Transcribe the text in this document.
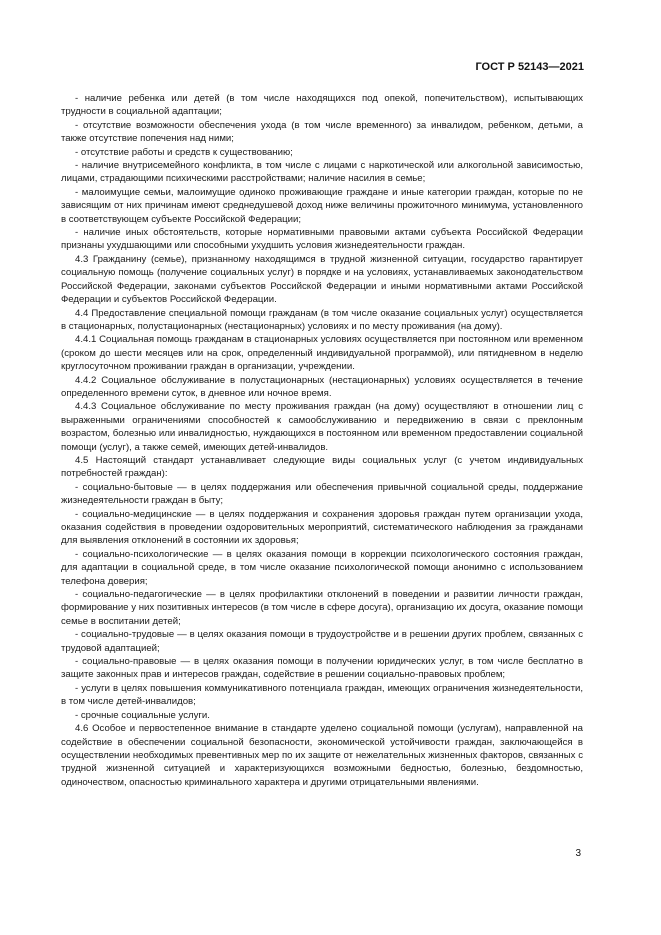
ГОСТ Р 52143—2021

- наличие ребенка или детей (в том числе находящихся под опекой, попечительством), испытывающих трудности в социальной адаптации;

- отсутствие возможности обеспечения ухода (в том числе временного) за инвалидом, ребенком, детьми, а также отсутствие попечения над ними;

- отсутствие работы и средств к существованию;

- наличие внутрисемейного конфликта, в том числе с лицами с наркотической или алкогольной зависимостью, лицами, страдающими психическими расстройствами; наличие насилия в семье;

- малоимущие семьи, малоимущие одиноко проживающие граждане и иные категории граждан, которые по не зависящим от них причинам имеют среднедушевой доход ниже величины прожиточного минимума, установленного в соответствующем субъекте Российской Федерации;

- наличие иных обстоятельств, которые нормативными правовыми актами субъекта Российской Федерации признаны ухудшающими или способными ухудшить условия жизнедеятельности граждан.

4.3 Гражданину (семье), признанному находящимся в трудной жизненной ситуации, государство гарантирует социальную помощь (получение социальных услуг) в порядке и на условиях, устанавливаемых законодательством Российской Федерации, законами субъектов Российской Федерации и иными нормативными актами Российской Федерации и субъектов Российской Федерации.

4.4 Предоставление специальной помощи гражданам (в том числе оказание социальных услуг) осуществляется в стационарных, полустационарных (нестационарных) условиях и по месту проживания (на дому).

4.4.1 Социальная помощь гражданам в стационарных условиях осуществляется при постоянном или временном (сроком до шести месяцев или на срок, определенный индивидуальной программой), или пятидневном в неделю круглосуточном проживании граждан в организации, учреждении.

4.4.2 Социальное обслуживание в полустационарных (нестационарных) условиях осуществляется в течение определенного времени суток, в дневное или ночное время.

4.4.3 Социальное обслуживание по месту проживания граждан (на дому) осуществляют в отношении лиц с выраженными ограничениями способностей к самообслуживанию и передвижению в связи с преклонным возрастом, болезнью или инвалидностью, нуждающихся в постоянном или временном предоставлении социальной помощи (услуг), а также семей, имеющих детей-инвалидов.

4.5 Настоящий стандарт устанавливает следующие виды социальных услуг (с учетом индивидуальных потребностей граждан):

- социально-бытовые — в целях поддержания или обеспечения привычной социальной среды, поддержание жизнедеятельности граждан в быту;

- социально-медицинские — в целях поддержания и сохранения здоровья граждан путем организации ухода, оказания содействия в проведении оздоровительных мероприятий, систематического наблюдения за гражданами для выявления отклонений в состоянии их здоровья;

- социально-психологические — в целях оказания помощи в коррекции психологического состояния граждан, для адаптации в социальной среде, в том числе оказание психологической помощи анонимно с использованием телефона доверия;

- социально-педагогические — в целях профилактики отклонений в поведении и развитии личности граждан, формирование у них позитивных интересов (в том числе в сфере досуга), организацию их досуга, оказание помощи семье в воспитании детей;

- социально-трудовые — в целях оказания помощи в трудоустройстве и в решении других проблем, связанных с трудовой адаптацией;

- социально-правовые — в целях оказания помощи в получении юридических услуг, в том числе бесплатно в защите законных прав и интересов граждан, содействие в решении социально-правовых проблем;

- услуги в целях повышения коммуникативного потенциала граждан, имеющих ограничения жизнедеятельности, в том числе детей-инвалидов;

- срочные социальные услуги.

4.6 Особое и первостепенное внимание в стандарте уделено социальной помощи (услугам), направленной на содействие в обеспечении социальной безопасности, экономической устойчивости граждан, заключающейся в осуществлении необходимых превентивных мер по их защите от нежелательных жизненных факторов, связанных с трудной жизненной ситуацией и характеризующихся возможными бедностью, болезнью, бездомностью, одиночеством, опасностью криминального характера и другими отрицательными явлениями.

3
